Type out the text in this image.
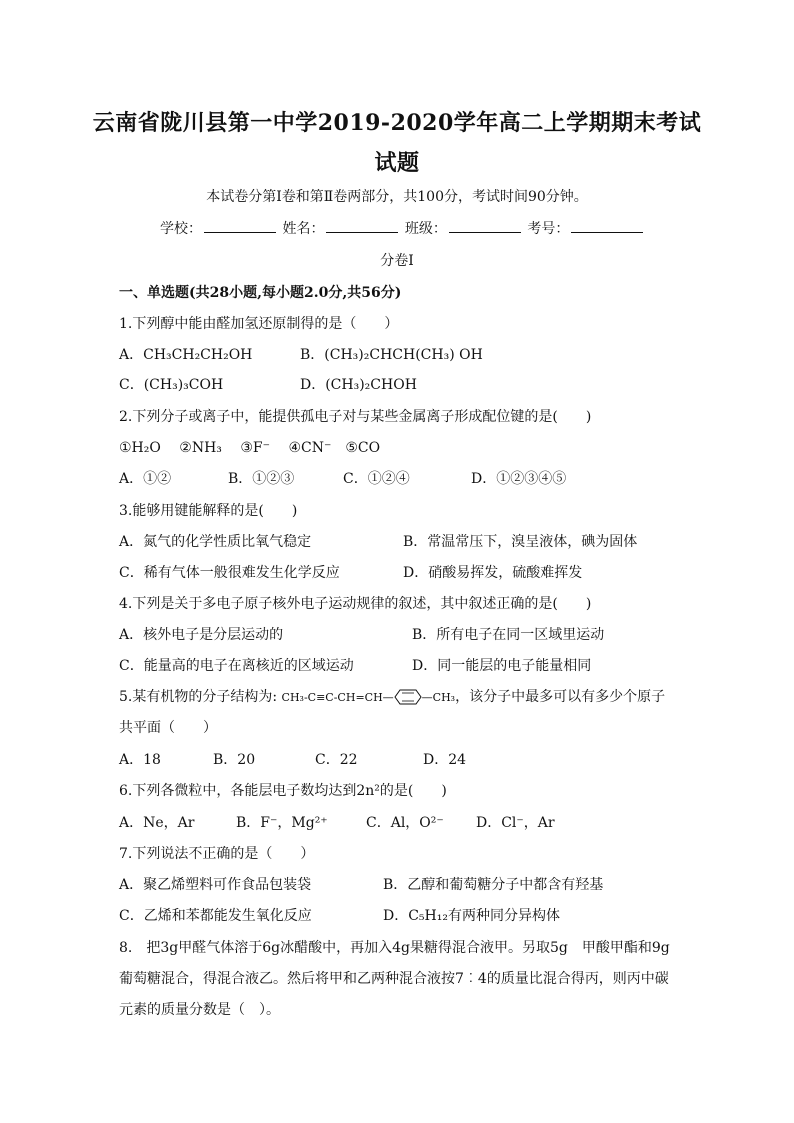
云南省陇川县第一中学2019-2020学年高二上学期期末考试
试题
本试卷分第Ⅰ卷和第Ⅱ卷两部分，共100分，考试时间90分钟。
学校：	姓名：	班级：	考号：
分卷I
一、单选题(共28小题,每小题2.0分,共56分)
1.下列醇中能由醛加氢还原制得的是（　　）
A．CH₃CH₂CH₂OH	B．(CH₃)₂CHCH(CH₃) OH
C．(CH₃)₃COH	D．(CH₃)₂CHOH
2.下列分子或离子中，能提供孤电子对与某些金属离子形成配位键的是(　　)
①H₂O　 ②NH₃　 ③F⁻　 ④CN⁻　⑤CO
A．①②	B．①②③	C．①②④	D．①②③④⑤
3.能够用键能解释的是(　　)
A．氮气的化学性质比氧气稳定	B．常温常压下，溴呈液体，碘为固体
C．稀有气体一般很难发生化学反应	D．硝酸易挥发，硫酸难挥发
4.下列是关于多电子原子核外电子运动规律的叙述，其中叙述正确的是(　　)
A．核外电子是分层运动的	B．所有电子在同一区域里运动
C．能量高的电子在离核近的区域运动	D．同一能层的电子能量相同
5.某有机物的分子结构为: CH₃-C≡C-CH=CH—	—CH₃，该分子中最多可以有多少个原子
共平面（　　）
A．18	B．20	C．22	D．24
6.下列各微粒中，各能层电子数均达到2n²的是(　　)
A．Ne，Ar	B．F⁻，Mg²⁺	C．Al，O²⁻ D．Cl⁻，Ar
7.下列说法不正确的是（　　）
A．聚乙烯塑料可作食品包装袋	B．乙醇和葡萄糖分子中都含有羟基
C．乙烯和苯都能发生氧化反应	D．C₅H₁₂有两种同分异构体
8.　把3g甲醛气体溶于6g冰醋酸中，再加入4g果糖得混合液甲。另取5g　甲酸甲酯和9g
葡萄糖混合，得混合液乙。然后将甲和乙两种混合液按7︰4的质量比混合得丙，则丙中碳
元素的质量分数是（　）。
